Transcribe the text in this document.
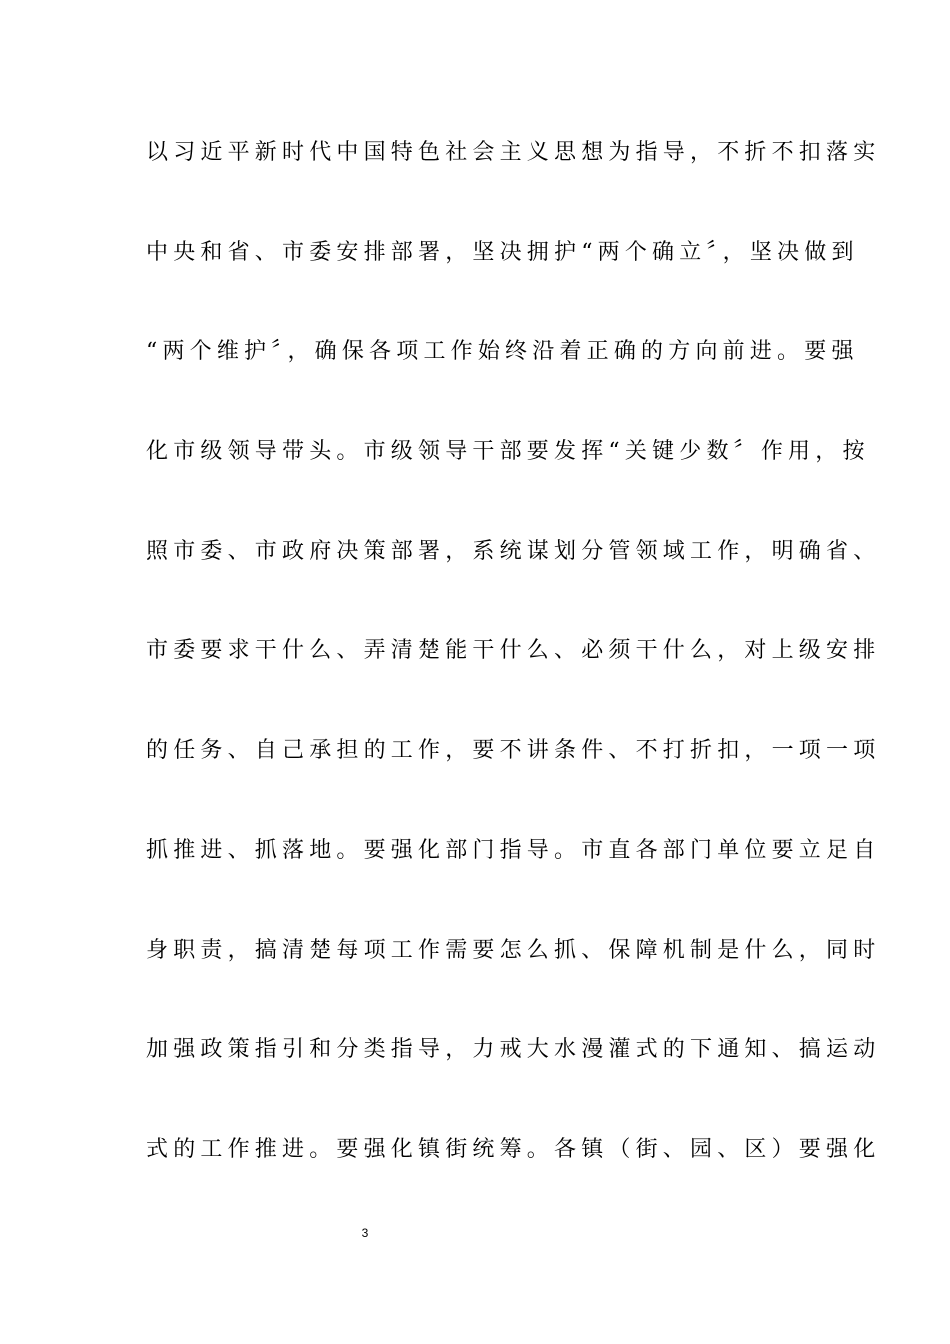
以习近平新时代中国特色社会主义思想为指导，不折不扣落实
中央和省、市委安排部署，坚决拥护“两个确立〞，坚决做到
“两个维护〞，确保各项工作始终沿着正确的方向前进。要强
化市级领导带头。市级领导干部要发挥“关键少数〞作用，按
照市委、市政府决策部署，系统谋划分管领域工作，明确省、
市委要求干什么、弄清楚能干什么、必须干什么，对上级安排
的任务、自己承担的工作，要不讲条件、不打折扣，一项一项
抓推进、抓落地。要强化部门指导。市直各部门单位要立足自
身职责，搞清楚每项工作需要怎么抓、保障机制是什么，同时
加强政策指引和分类指导，力戒大水漫灌式的下通知、搞运动
式的工作推进。要强化镇街统筹。各镇（街、园、区）要强化
3
